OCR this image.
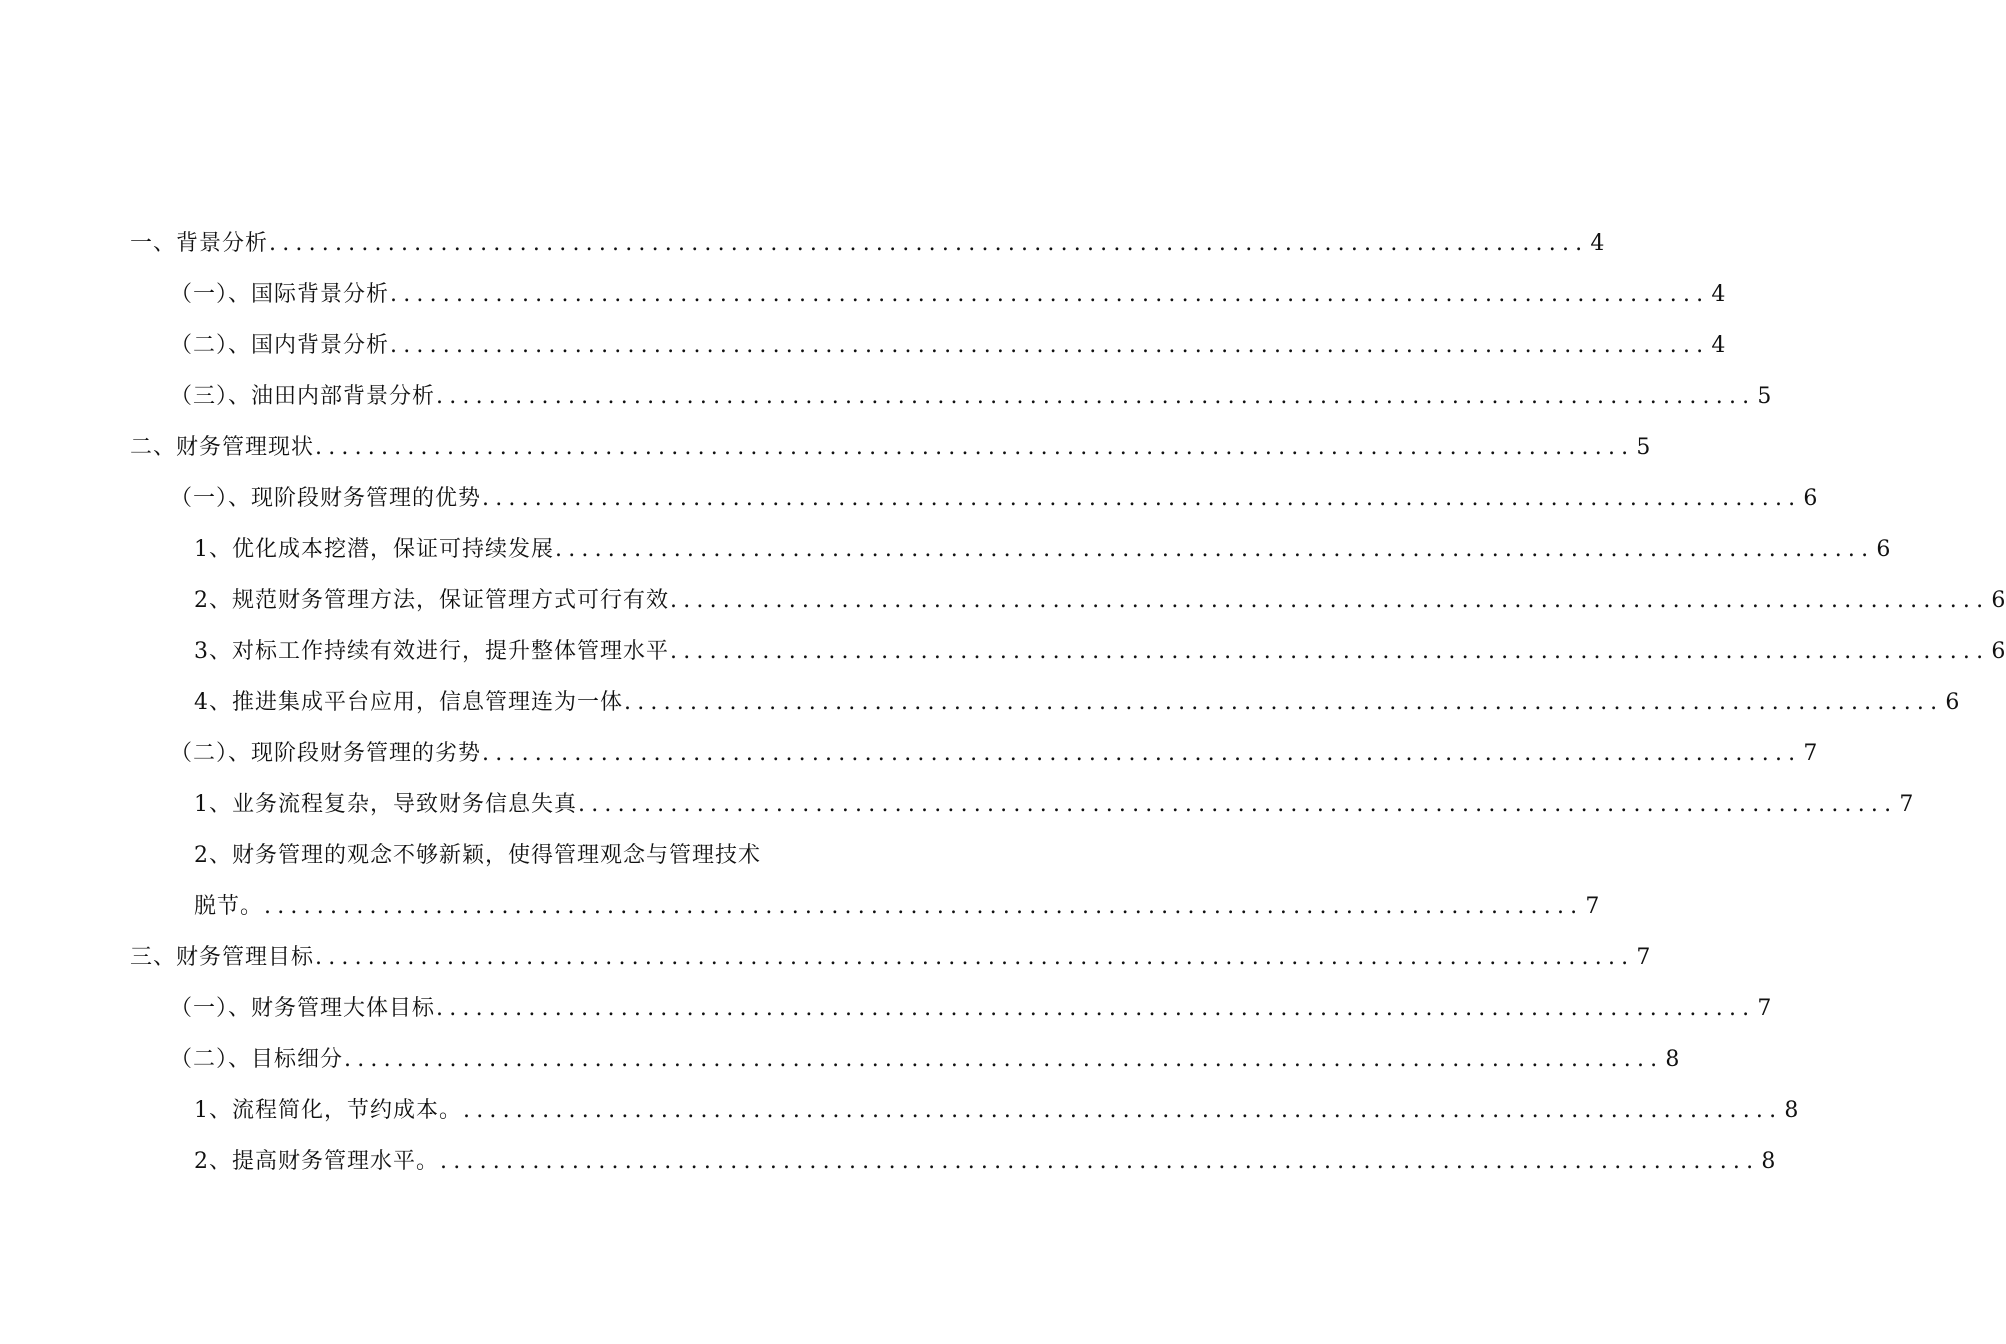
一、背景分析 .................................................................................................... 4
（一）、国际背景分析 .................................................................................................... 4
（二）、国内背景分析 .................................................................................................... 4
（三）、油田内部背景分析 .................................................................................................... 5
二、财务管理现状 .................................................................................................... 5
（一）、现阶段财务管理的优势 .................................................................................................... 6
1、优化成本挖潜，保证可持续发展 .................................................................................................... 6
2、规范财务管理方法，保证管理方式可行有效 .................................................................................................... 6
3、对标工作持续有效进行，提升整体管理水平 .................................................................................................... 6
4、推进集成平台应用，信息管理连为一体 .................................................................................................... 6
（二）、现阶段财务管理的劣势 .................................................................................................... 7
1、业务流程复杂，导致财务信息失真 .................................................................................................... 7
2、财务管理的观念不够新颖，使得管理观念与管理技术
脱节。 .................................................................................................... 7
三、财务管理目标 .................................................................................................... 7
（一）、财务管理大体目标 .................................................................................................... 7
（二）、目标细分 .................................................................................................... 8
1、流程简化，节约成本。 .................................................................................................... 8
2、提高财务管理水平。 .................................................................................................... 8
